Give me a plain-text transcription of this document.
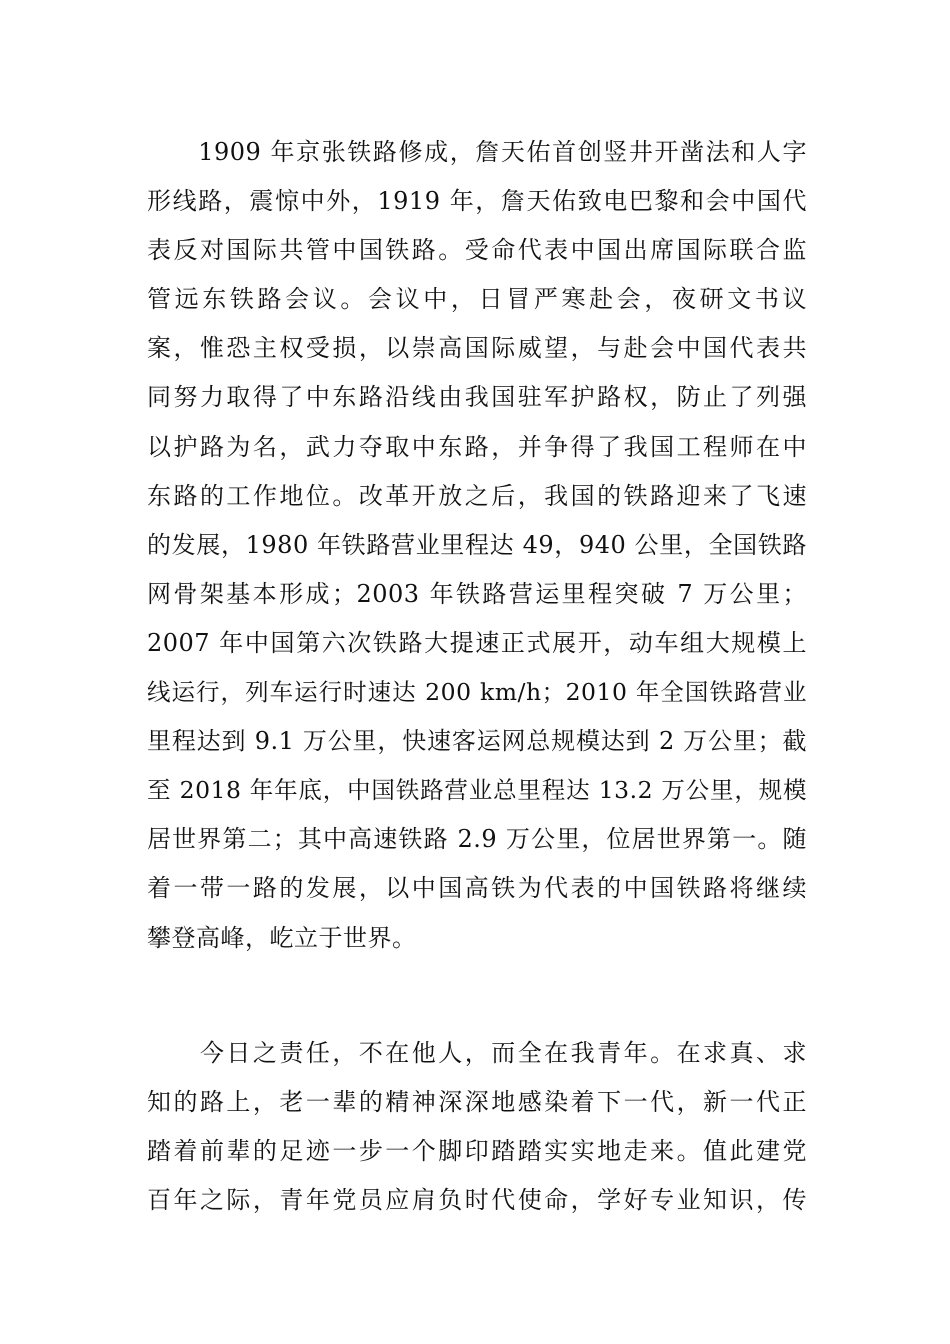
　　1909 年京张铁路修成，詹天佑首创竖井开凿法和人字
形线路，震惊中外，1919 年，詹天佑致电巴黎和会中国代
表反对国际共管中国铁路。受命代表中国出席国际联合监
管远东铁路会议。会议中，日冒严寒赴会，夜研文书议
案，惟恐主权受损，以崇高国际威望，与赴会中国代表共
同努力取得了中东路沿线由我国驻军护路权，防止了列强
以护路为名，武力夺取中东路，并争得了我国工程师在中
东路的工作地位。改革开放之后，我国的铁路迎来了飞速
的发展，1980 年铁路营业里程达 49，940 公里，全国铁路
网骨架基本形成；2003 年铁路营运里程突破 7 万公里；
2007 年中国第六次铁路大提速正式展开，动车组大规模上
线运行，列车运行时速达 200 km/h；2010 年全国铁路营业
里程达到 9.1 万公里，快速客运网总规模达到 2 万公里；截
至 2018 年年底，中国铁路营业总里程达 13.2 万公里，规模
居世界第二；其中高速铁路 2.9 万公里，位居世界第一。随
着一带一路的发展，以中国高铁为代表的中国铁路将继续
攀登高峰，屹立于世界。
　　今日之责任，不在他人，而全在我青年。在求真、求
知的路上，老一辈的精神深深地感染着下一代，新一代正
踏着前辈的足迹一步一个脚印踏踏实实地走来。值此建党
百年之际，青年党员应肩负时代使命，学好专业知识，传
